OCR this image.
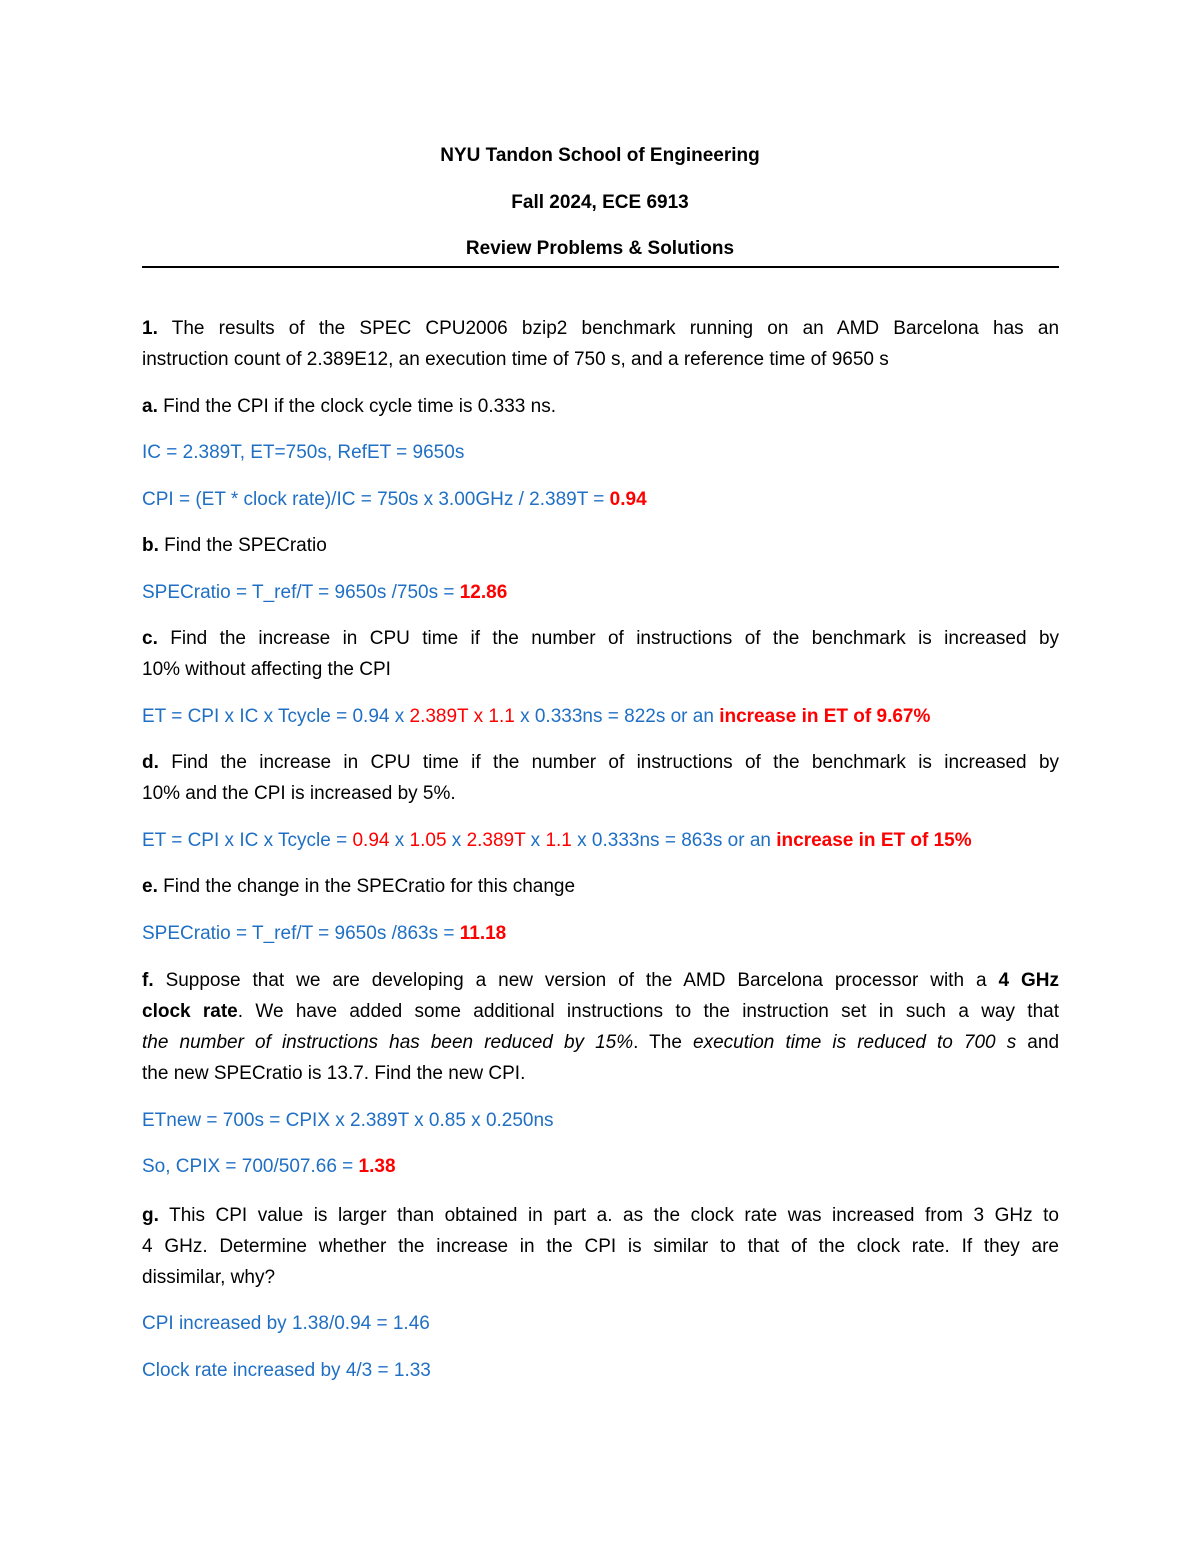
NYU Tandon School of Engineering
Fall 2024, ECE 6913
Review Problems & Solutions
1. The results of the SPEC CPU2006 bzip2 benchmark running on an AMD Barcelona has an
instruction count of 2.389E12, an execution time of 750 s, and a reference time of 9650 s
a. Find the CPI if the clock cycle time is 0.333 ns.
IC = 2.389T, ET=750s, RefET = 9650s
CPI = (ET * clock rate)/IC = 750s x 3.00GHz / 2.389T = 0.94
b. Find the SPECratio
SPECratio = T_ref/T = 9650s /750s = 12.86
c. Find the increase in CPU time if the number of instructions of the benchmark is increased by
10% without affecting the CPI
ET = CPI x IC x Tcycle = 0.94 x 2.389T x 1.1 x 0.333ns = 822s or an increase in ET of 9.67%
d. Find the increase in CPU time if the number of instructions of the benchmark is increased by
10% and the CPI is increased by 5%.
ET = CPI x IC x Tcycle = 0.94 x 1.05 x 2.389T x 1.1 x 0.333ns = 863s or an increase in ET of 15%
e. Find the change in the SPECratio for this change
SPECratio = T_ref/T = 9650s /863s = 11.18
f. Suppose that we are developing a new version of the AMD Barcelona processor with a 4 GHz
clock rate. We have added some additional instructions to the instruction set in such a way that
the number of instructions has been reduced by 15%. The execution time is reduced to 700 s and
the new SPECratio is 13.7. Find the new CPI.
ETnew = 700s = CPIX x 2.389T x 0.85 x 0.250ns
So, CPIX = 700/507.66 = 1.38
g. This CPI value is larger than obtained in part a. as the clock rate was increased from 3 GHz to
4 GHz. Determine whether the increase in the CPI is similar to that of the clock rate. If they are
dissimilar, why?
CPI increased by 1.38/0.94 = 1.46
Clock rate increased by 4/3 = 1.33
